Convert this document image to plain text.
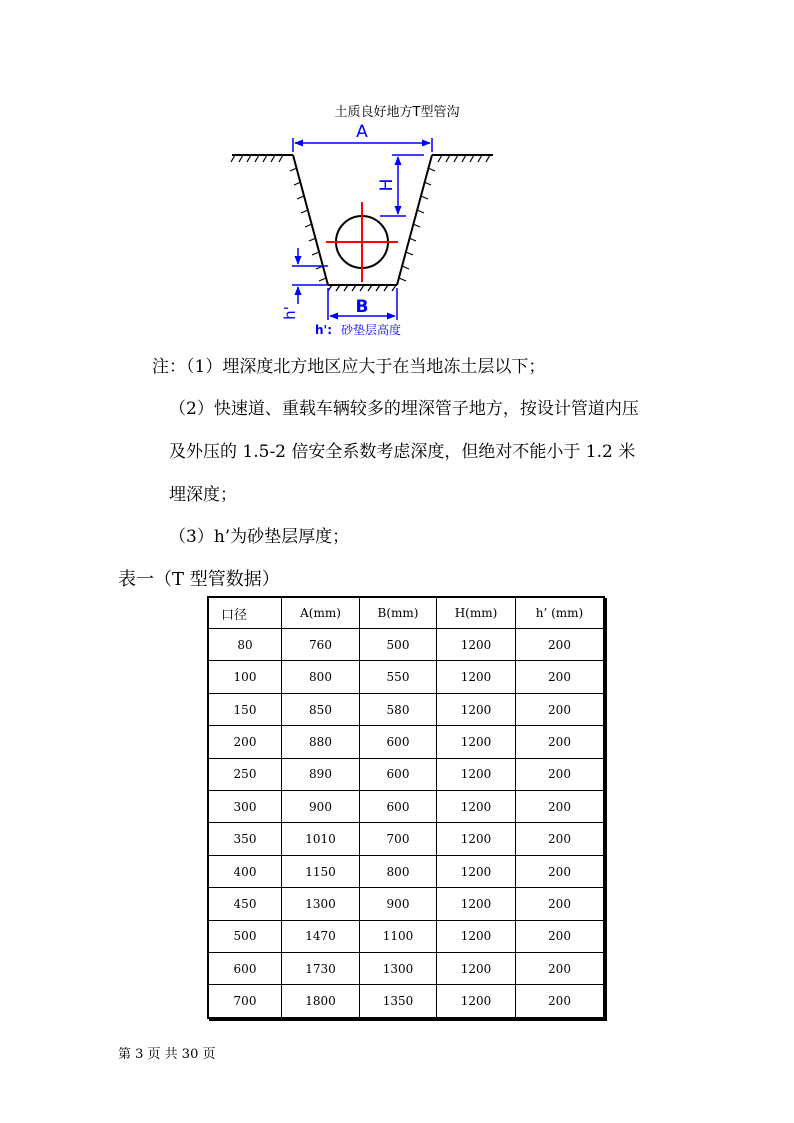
土质良好地方T型管沟
A
H
h'	B
h': 砂垫层高度
注：（1）埋深度北方地区应大于在当地冻土层以下；
（2）快速道、重载车辆较多的埋深管子地方，按设计管道内压
及外压的 1.5-2 倍安全系数考虑深度，但绝对不能小于 1.2 米
埋深度；
（3）h’为砂垫层厚度；
表一（T 型管数据）
口径	A(mm)	B(mm)	H(mm)	h’ (mm)
80	760	500	1200	200
100	800	550	1200	200
150	850	580	1200	200
200	880	600	1200	200
250	890	600	1200	200
300	900	600	1200	200
350	1010	700	1200	200
400	1150	800	1200	200
450	1300	900	1200	200
500	1470	1100	1200	200
600	1730	1300	1200	200
700	1800	1350	1200	200
第 3 页 共 30 页
